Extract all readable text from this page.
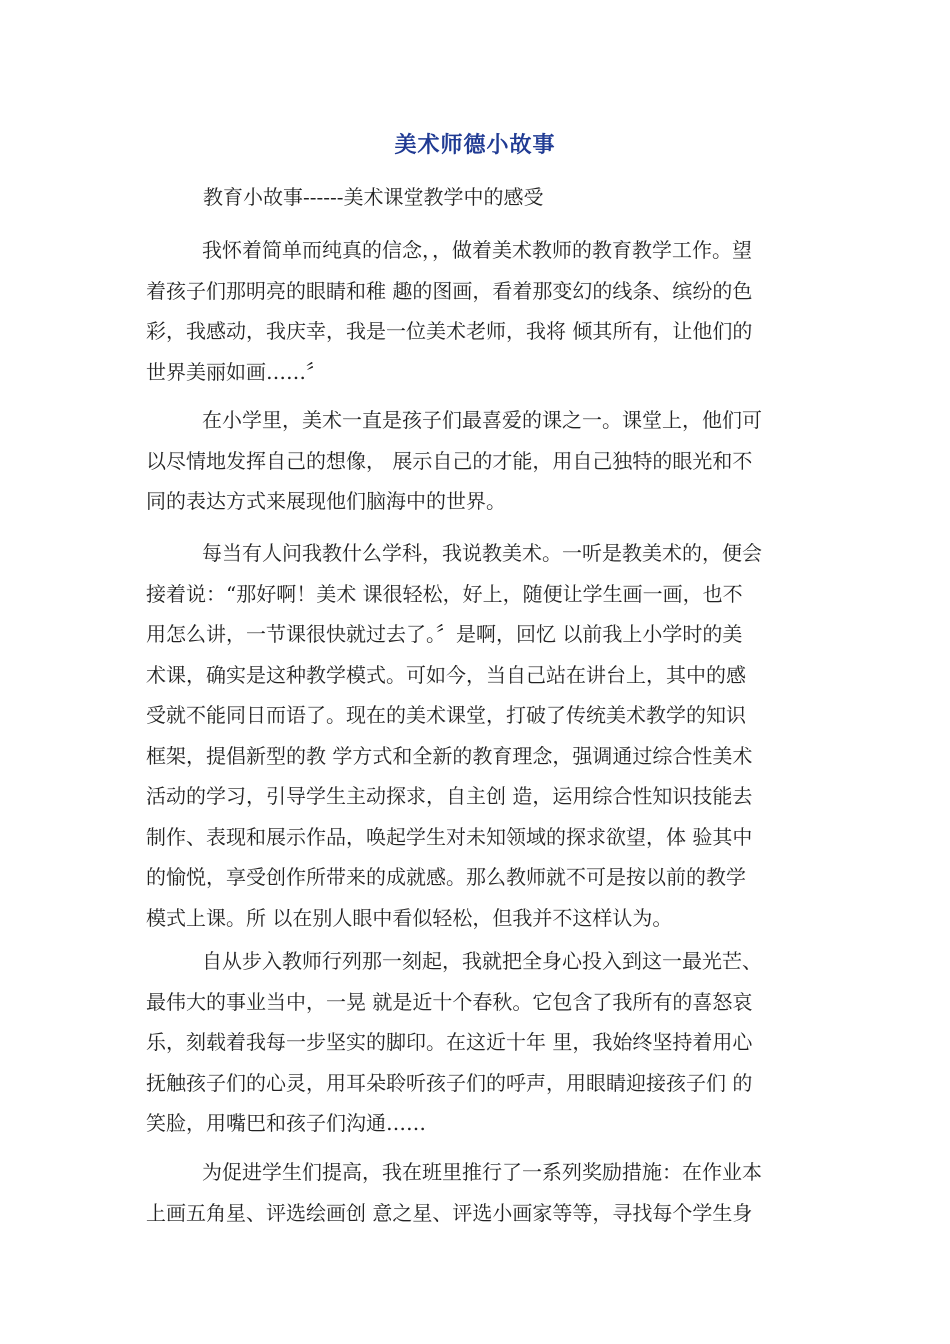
美术师德小故事
教育小故事------美术课堂教学中的感受
我怀着简单而纯真的信念，，做着美术教师的教育教学工作。望
着孩子们那明亮的眼睛和稚 趣的图画，看着那变幻的线条、缤纷的色
彩，我感动，我庆幸，我是一位美术老师，我将 倾其所有，让他们的
世界美丽如画……〞
在小学里，美术一直是孩子们最喜爱的课之一。课堂上，他们可
以尽情地发挥自己的想像， 展示自己的才能，用自己独特的眼光和不
同的表达方式来展现他们脑海中的世界。
每当有人问我教什么学科，我说教美术。一听是教美术的，便会
接着说：“那好啊！美术 课很轻松，好上，随便让学生画一画，也不
用怎么讲，一节课很快就过去了。〞是啊，回忆 以前我上小学时的美
术课，确实是这种教学模式。可如今，当自己站在讲台上，其中的感
受就不能同日而语了。现在的美术课堂，打破了传统美术教学的知识
框架，提倡新型的教 学方式和全新的教育理念，强调通过综合性美术
活动的学习，引导学生主动探求，自主创 造，运用综合性知识技能去
制作、表现和展示作品，唤起学生对未知领域的探求欲望，体 验其中
的愉悦，享受创作所带来的成就感。那么教师就不可是按以前的教学
模式上课。所 以在别人眼中看似轻松，但我并不这样认为。
自从步入教师行列那一刻起，我就把全身心投入到这一最光芒、
最伟大的事业当中，一晃 就是近十个春秋。它包含了我所有的喜怒哀
乐，刻载着我每一步坚实的脚印。在这近十年 里，我始终坚持着用心
抚触孩子们的心灵，用耳朵聆听孩子们的呼声，用眼睛迎接孩子们 的
笑脸，用嘴巴和孩子们沟通……
为促进学生们提高，我在班里推行了一系列奖励措施：在作业本
上画五角星、评选绘画创 意之星、评选小画家等等，寻找每个学生身
